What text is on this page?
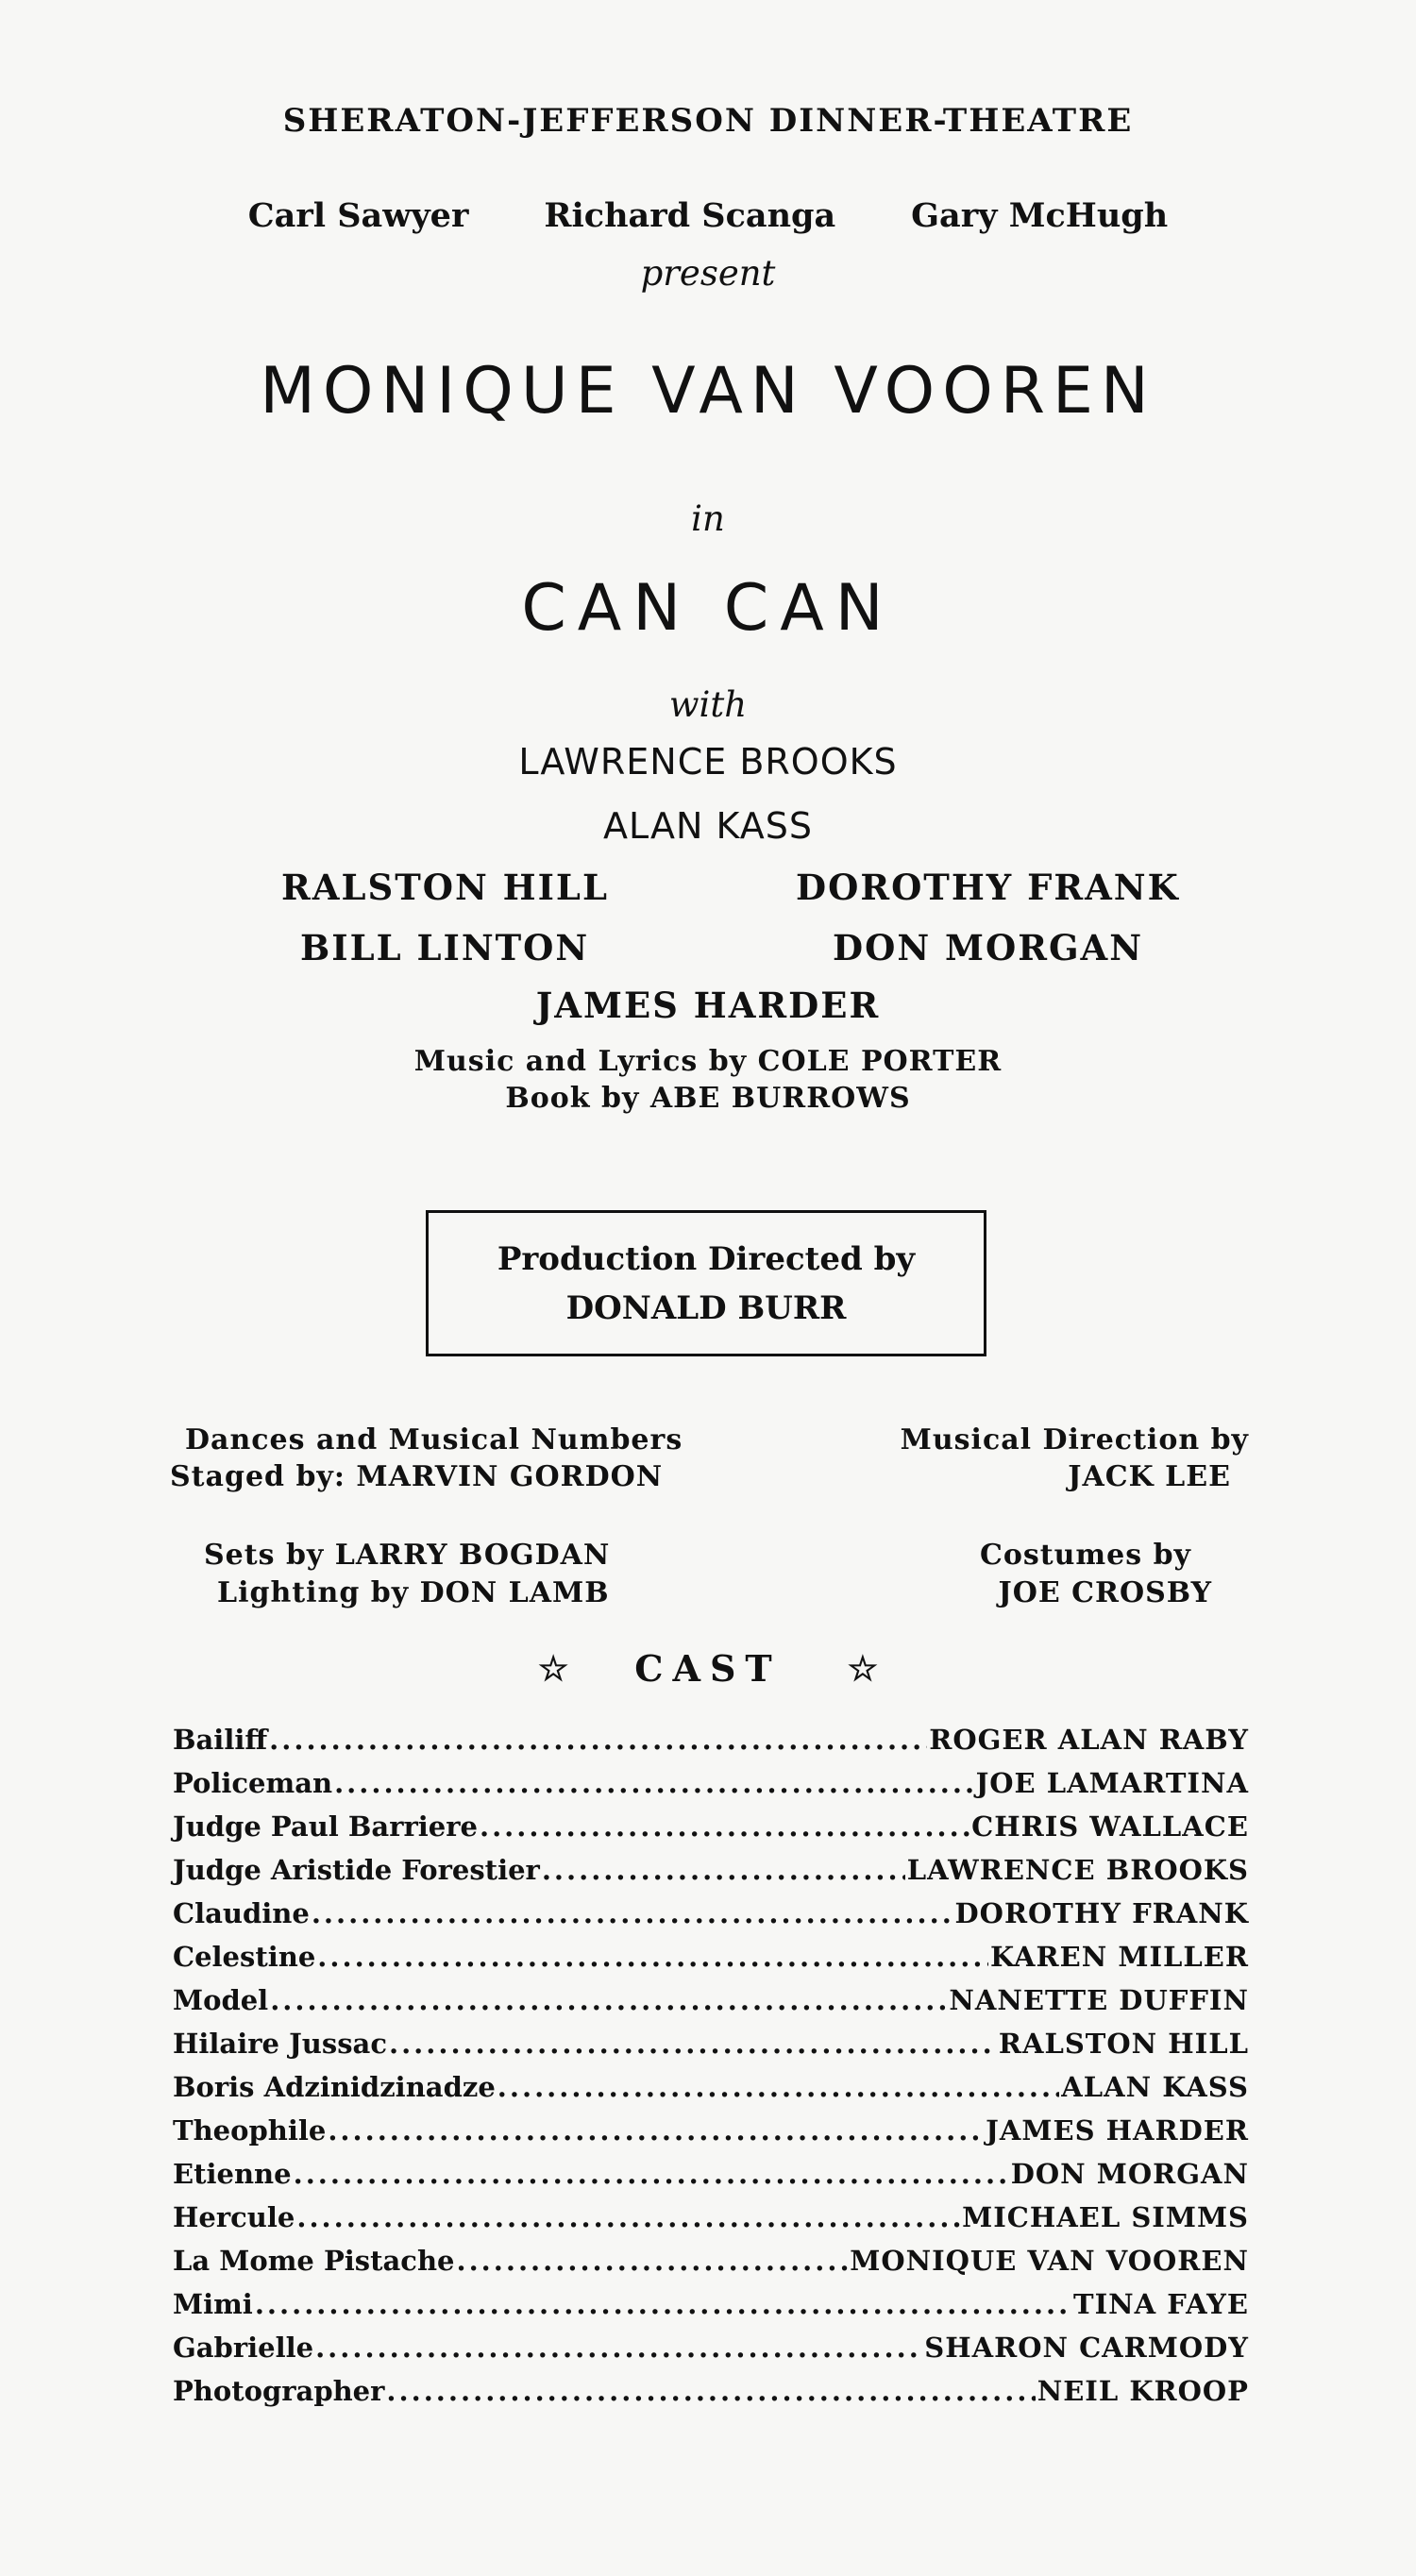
SHERATON-JEFFERSON DINNER-THEATRE
Carl Sawyer Richard Scanga Gary McHugh
present
MONIQUE VAN VOOREN
in
CAN CAN
with
LAWRENCE BROOKS
ALAN KASS
RALSTON HILL	DOROTHY FRANK
BILL LINTON	DON MORGAN
JAMES HARDER
Music and Lyrics by COLE PORTER
Book by ABE BURROWS
Production Directed by
DONALD BURR
Dances and Musical Numbers
Staged by: MARVIN GORDON
Musical Direction by
JACK LEE
Sets by LARRY BOGDAN
Lighting by DON LAMB
Costumes by
JOE CROSBY
☆ CAST ☆
Bailiff .....	ROGER ALAN RABY
Policeman .....	JOE LAMARTINA
Judge Paul Barriere .....	CHRIS WALLACE
Judge Aristide Forestier .....	LAWRENCE BROOKS
Claudine .....	DOROTHY FRANK
Celestine .....	KAREN MILLER
Model .....	NANETTE DUFFIN
Hilaire Jussac .....	RALSTON HILL
Boris Adzinidzinadze .....	ALAN KASS
Theophile .....	JAMES HARDER
Etienne .....	DON MORGAN
Hercule .....	MICHAEL SIMMS
La Mome Pistache .....	MONIQUE VAN VOOREN
Mimi .....	TINA FAYE
Gabrielle .....	SHARON CARMODY
Photographer .....	NEIL KROOP
